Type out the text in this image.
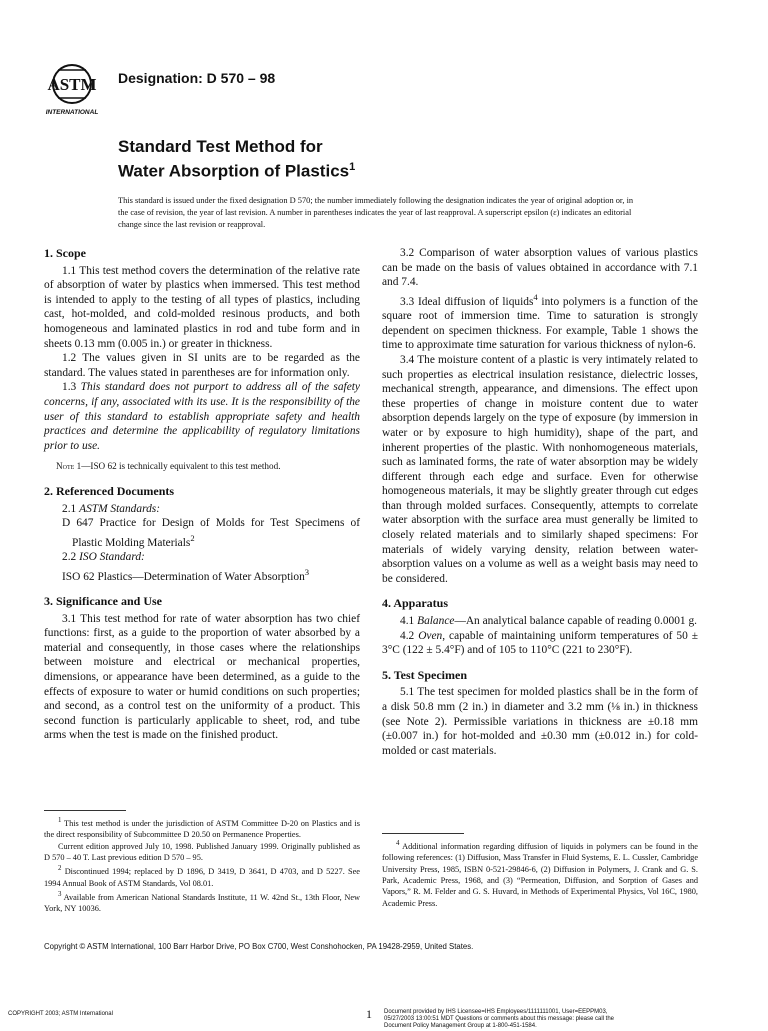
ASTM
INTERNATIONAL
Designation: D 570 – 98
Standard Test Method for
Water Absorption of Plastics$^1$
This standard is issued under the fixed designation D 570; the number immediately following the designation indicates the year of original adoption or, in the case of revision, the year of last revision. A number in parentheses indicates the year of last reapproval. A superscript epsilon (ε) indicates an editorial change since the last revision or reapproval.
1. Scope

1.1 This test method covers the determination of the relative rate of absorption of water by plastics when immersed. This test method is intended to apply to the testing of all types of plastics, including cast, hot-molded, and cold-molded resinous products, and both homogeneous and laminated plastics in rod and tube form and in sheets 0.13 mm (0.005 in.) or greater in thickness.

1.2 The values given in SI units are to be regarded as the standard. The values stated in parentheses are for information only.

1.3 This standard does not purport to address all of the safety concerns, if any, associated with its use. It is the responsibility of the user of this standard to establish appropriate safety and health practices and determine the applicability of regulatory limitations prior to use.

Note 1—ISO 62 is technically equivalent to this test method.

2. Referenced Documents

2.1 ASTM Standards:

D 647 Practice for Design of Molds for Test Specimens of Plastic Molding Materials$^2$

2.2 ISO Standard:

ISO 62 Plastics—Determination of Water Absorption$^3$

3. Significance and Use

3.1 This test method for rate of water absorption has two chief functions: first, as a guide to the proportion of water absorbed by a material and consequently, in those cases where the relationships between moisture and electrical or mechanical properties, dimensions, or appearance have been determined, as a guide to the effects of exposure to water or humid conditions on such properties; and second, as a control test on the uniformity of a product. This second function is particularly applicable to sheet, rod, and tube arms when the test is made on the finished product.

$^1$ This test method is under the jurisdiction of ASTM Committee D-20 on Plastics and is the direct responsibility of Subcommittee D 20.50 on Permanence Properties.

Current edition approved July 10, 1998. Published January 1999. Originally published as D 570 – 40 T. Last previous edition D 570 – 95.

$^2$ Discontinued 1994; replaced by D 1896, D 3419, D 3641, D 4703, and D 5227. See 1994 Annual Book of ASTM Standards, Vol 08.01.

$^3$ Available from American National Standards Institute, 11 W. 42nd St., 13th Floor, New York, NY 10036.

3.2 Comparison of water absorption values of various plastics can be made on the basis of values obtained in accordance with 7.1 and 7.4.

3.3 Ideal diffusion of liquids$^4$ into polymers is a function of the square root of immersion time. Time to saturation is strongly dependent on specimen thickness. For example, Table 1 shows the time to approximate time saturation for various thickness of nylon-6.

3.4 The moisture content of a plastic is very intimately related to such properties as electrical insulation resistance, dielectric losses, mechanical strength, appearance, and dimensions. The effect upon these properties of change in moisture content due to water absorption depends largely on the type of exposure (by immersion in water or by exposure to high humidity), shape of the part, and inherent properties of the plastic. With nonhomogeneous materials, such as laminated forms, the rate of water absorption may be widely different through each edge and surface. Even for otherwise homogeneous materials, it may be slightly greater through cut edges than through molded surfaces. Consequently, attempts to correlate water absorption with the surface area must generally be limited to closely related materials and to similarly shaped specimens: For materials of widely varying density, relation between water-absorption values on a volume as well as a weight basis may need to be considered.

4. Apparatus

4.1 Balance—An analytical balance capable of reading 0.0001 g.

4.2 Oven, capable of maintaining uniform temperatures of 50 ± 3°C (122 ± 5.4°F) and of 105 to 110°C (221 to 230°F).

5. Test Specimen

5.1 The test specimen for molded plastics shall be in the form of a disk 50.8 mm (2 in.) in diameter and 3.2 mm (⅛ in.) in thickness (see Note 2). Permissible variations in thickness are ±0.18 mm (±0.007 in.) for hot-molded and ±0.30 mm (±0.012 in.) for cold-molded or cast materials.

$^4$ Additional information regarding diffusion of liquids in polymers can be found in the following references: (1) Diffusion, Mass Transfer in Fluid Systems, E. L. Cussler, Cambridge University Press, 1985, ISBN 0-521-29846-6, (2) Diffusion in Polymers, J. Crank and G. S. Park, Academic Press, 1968, and (3) “Permeation, Diffusion, and Sorption of Gases and Vapors,” R. M. Felder and G. S. Huvard, in Methods of Experimental Physics, Vol 16C, 1980, Academic Press.

Copyright © ASTM International, 100 Barr Harbor Drive, PO Box C700, West Conshohocken, PA 19428-2959, United States.
COPYRIGHT 2003; ASTM International	1 Document provided by IHS Licensee=IHS Employees/1111111001, User=EEPPM03, 05/27/2003 13:00:51 MDT Questions or comments about this message: please call the Document Policy Management Group at 1-800-451-1584.
